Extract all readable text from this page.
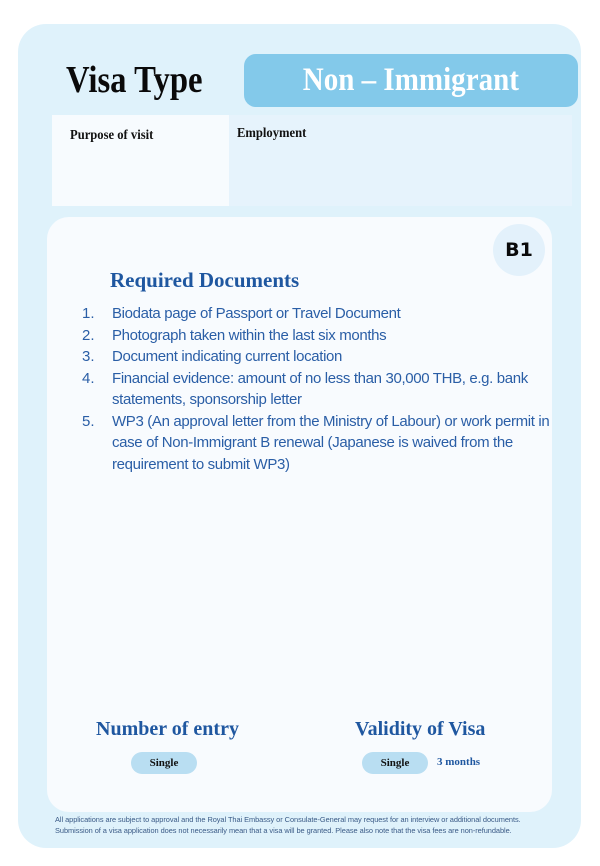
Visa Type	Non – Immigrant
Purpose of visit	Employment
B1
Required Documents
1. Biodata page of Passport or Travel Document
2. Photograph taken within the last six months
3. Document indicating current location
4. Financial evidence: amount of no less than 30,000 THB, e.g. bank statements, sponsorship letter
5. WP3 (An approval letter from the Ministry of Labour) or work permit in case of Non-Immigrant B renewal (Japanese is waived from the requirement to submit WP3)
Number of entry
Single
Validity of Visa
Single	3 months
All applications are subject to approval and the Royal Thai Embassy or Consulate-General may request for an interview or additional documents. Submission of a visa application does not necessarily mean that a visa will be granted. Please also note that the visa fees are non-refundable.
